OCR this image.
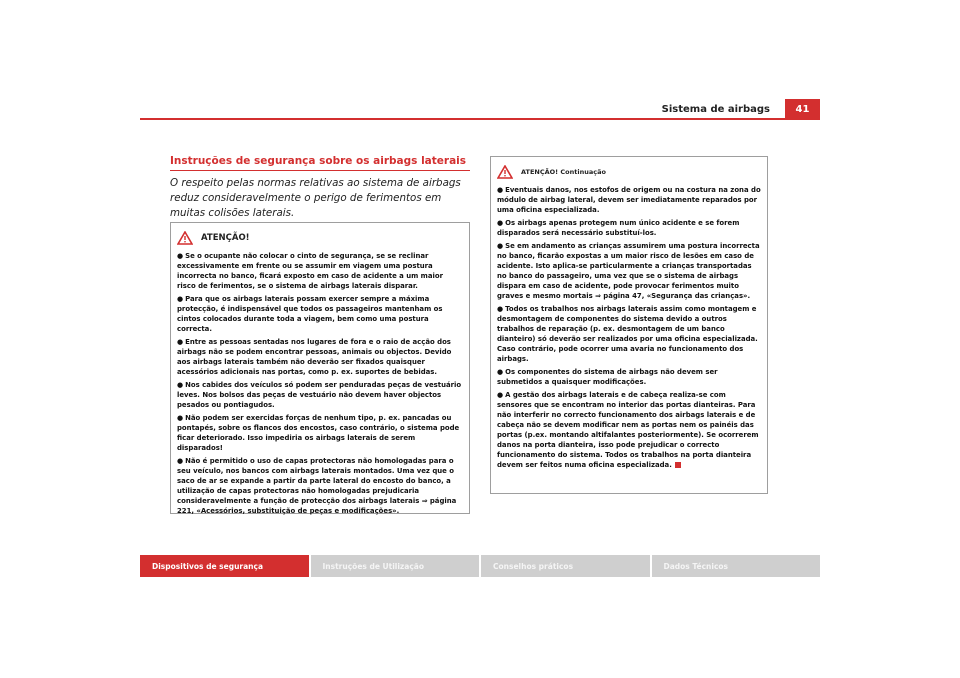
Sistema de airbags	41
Instruções de segurança sobre os airbags laterais
O respeito pelas normas relativas ao sistema de airbags reduz consideravelmente o perigo de ferimentos em muitas colisões laterais.
ATENÇÃO!
● Se o ocupante não colocar o cinto de segurança, se se reclinar excessivamente em frente ou se assumir em viagem uma postura incorrecta no banco, ficará exposto em caso de acidente a um maior risco de ferimentos, se o sistema de airbags laterais disparar.
● Para que os airbags laterais possam exercer sempre a máxima protecção, é indispensável que todos os passageiros mantenham os cintos colocados durante toda a viagem, bem como uma postura correcta.
● Entre as pessoas sentadas nos lugares de fora e o raio de acção dos airbags não se podem encontrar pessoas, animais ou objectos. Devido aos airbags laterais também não deverão ser fixados quaisquer acessórios adicionais nas portas, como p. ex. suportes de bebidas.
● Nos cabides dos veículos só podem ser penduradas peças de vestuário leves. Nos bolsos das peças de vestuário não devem haver objectos pesados ou pontiagudos.
● Não podem ser exercidas forças de nenhum tipo, p. ex. pancadas ou pontapés, sobre os flancos dos encostos, caso contrário, o sistema pode ficar deteriorado. Isso impediria os airbags laterais de serem disparados!
● Não é permitido o uso de capas protectoras não homologadas para o seu veículo, nos bancos com airbags laterais montados. Uma vez que o saco de ar se expande a partir da parte lateral do encosto do banco, a utilização de capas protectoras não homologadas prejudicaria consideravelmente a função de protecção dos airbags laterais ⇒ página 221, «Acessórios, substituição de peças e modificações».
ATENÇÃO! Continuação
● Eventuais danos, nos estofos de origem ou na costura na zona do módulo de airbag lateral, devem ser imediatamente reparados por uma oficina especializada.
● Os airbags apenas protegem num único acidente e se forem disparados será necessário substituí-los.
● Se em andamento as crianças assumirem uma postura incorrecta no banco, ficarão expostas a um maior risco de lesões em caso de acidente. Isto aplica-se particularmente a crianças transportadas no banco do passageiro, uma vez que se o sistema de airbags dispara em caso de acidente, pode provocar ferimentos muito graves e mesmo mortais ⇒ página 47, «Segurança das crianças».
● Todos os trabalhos nos airbags laterais assim como montagem e desmontagem de componentes do sistema devido a outros trabalhos de reparação (p. ex. desmontagem de um banco dianteiro) só deverão ser realizados por uma oficina especializada. Caso contrário, pode ocorrer uma avaria no funcionamento dos airbags.
● Os componentes do sistema de airbags não devem ser submetidos a quaisquer modificações.
● A gestão dos airbags laterais e de cabeça realiza-se com sensores que se encontram no interior das portas dianteiras. Para não interferir no correcto funcionamento dos airbags laterais e de cabeça não se devem modificar nem as portas nem os painéis das portas (p.ex. montando altifalantes posteriormente). Se ocorrerem danos na porta dianteira, isso pode prejudicar o correcto funcionamento do sistema. Todos os trabalhos na porta dianteira devem ser feitos numa oficina especializada.
Dispositivos de segurança	Instruções de Utilização	Conselhos práticos	Dados Técnicos
